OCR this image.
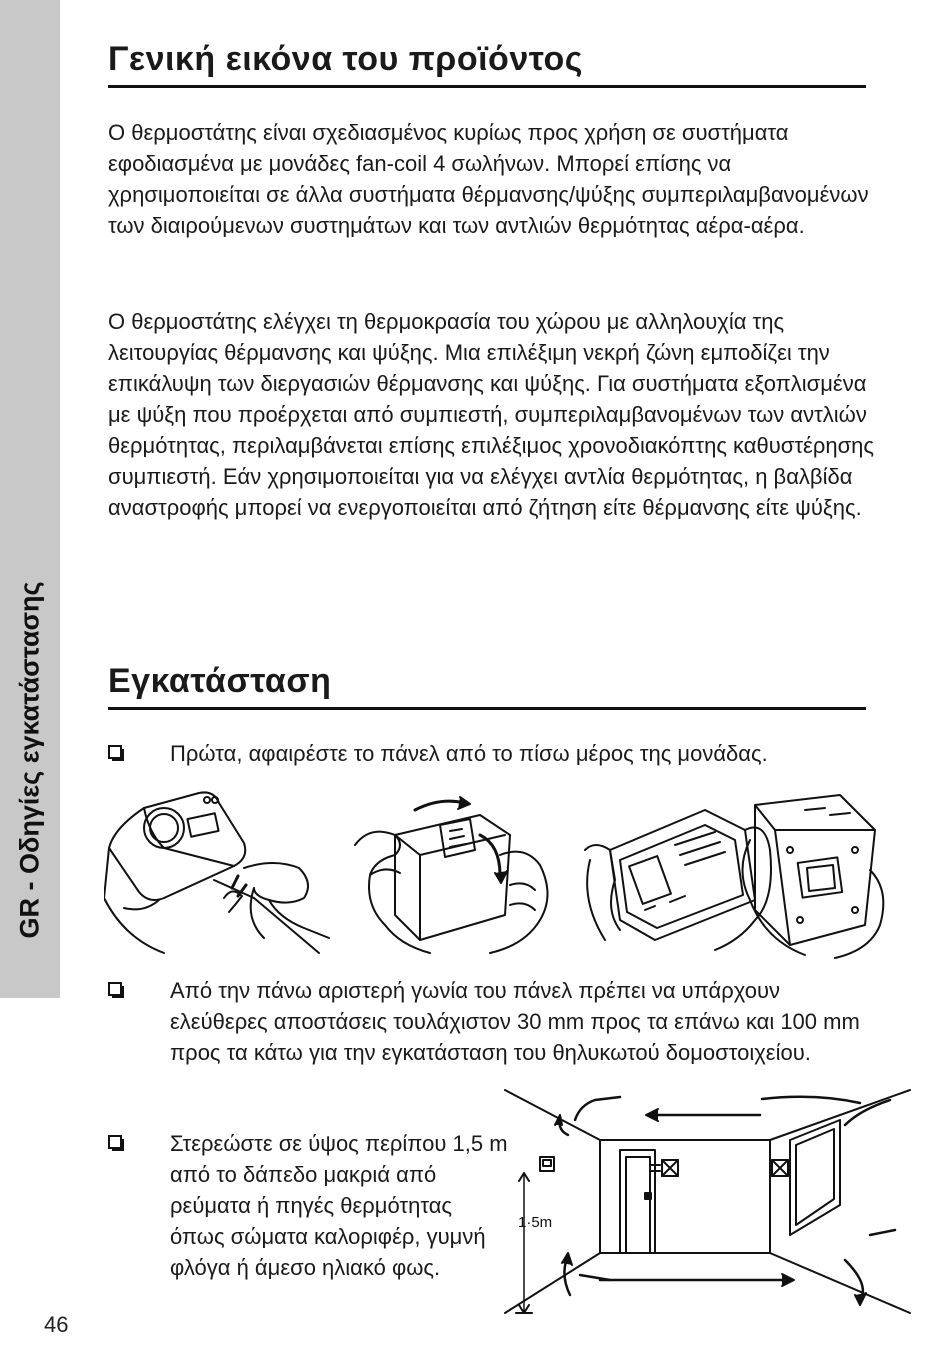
GR - Οδηγίες εγκατάστασης
Γενική εικόνα του προϊόντος

Ο θερμοστάτης είναι σχεδιασμένος κυρίως προς χρήση σε συστήματα εφοδιασμένα με μονάδες fan-coil 4 σωλήνων. Μπορεί επίσης να χρησιμοποιείται σε άλλα συστήματα θέρμανσης/ψύξης συμπεριλαμβανομένων των διαιρούμενων συστημάτων και των αντλιών θερμότητας αέρα-αέρα.

Ο θερμοστάτης ελέγχει τη θερμοκρασία του χώρου με αλληλουχία της λειτουργίας θέρμανσης και ψύξης. Μια επιλέξιμη νεκρή ζώνη εμποδίζει την επικάλυψη των διεργασιών θέρμανσης και ψύξης. Για συστήματα εξοπλισμένα με ψύξη που προέρχεται από συμπιεστή, συμπεριλαμβανομένων των αντλιών θερμότητας, περιλαμβάνεται επίσης επιλέξιμος χρονοδιακόπτης καθυστέρησης συμπιεστή. Εάν χρησιμοποιείται για να ελέγχει αντλία θερμότητας, η βαλβίδα αναστροφής μπορεί να ενεργοποιείται από ζήτηση είτε θέρμανσης είτε ψύξης.

Εγκατάσταση
Πρώτα, αφαιρέστε το πάνελ από το πίσω μέρος της μονάδας.
Από την πάνω αριστερή γωνία του πάνελ πρέπει να υπάρχουν ελεύθερες αποστάσεις τουλάχιστον 30 mm προς τα επάνω και 100 mm προς τα κάτω για την εγκατάσταση του θηλυκωτού δομοστοιχείου.
Στερεώστε σε ύψος περίπου 1,5 m από το δάπεδο μακριά από ρεύματα ή πηγές θερμότητας όπως σώματα καλοριφέρ, γυμνή φλόγα ή άμεσο ηλιακό φως.
1·5m
46
